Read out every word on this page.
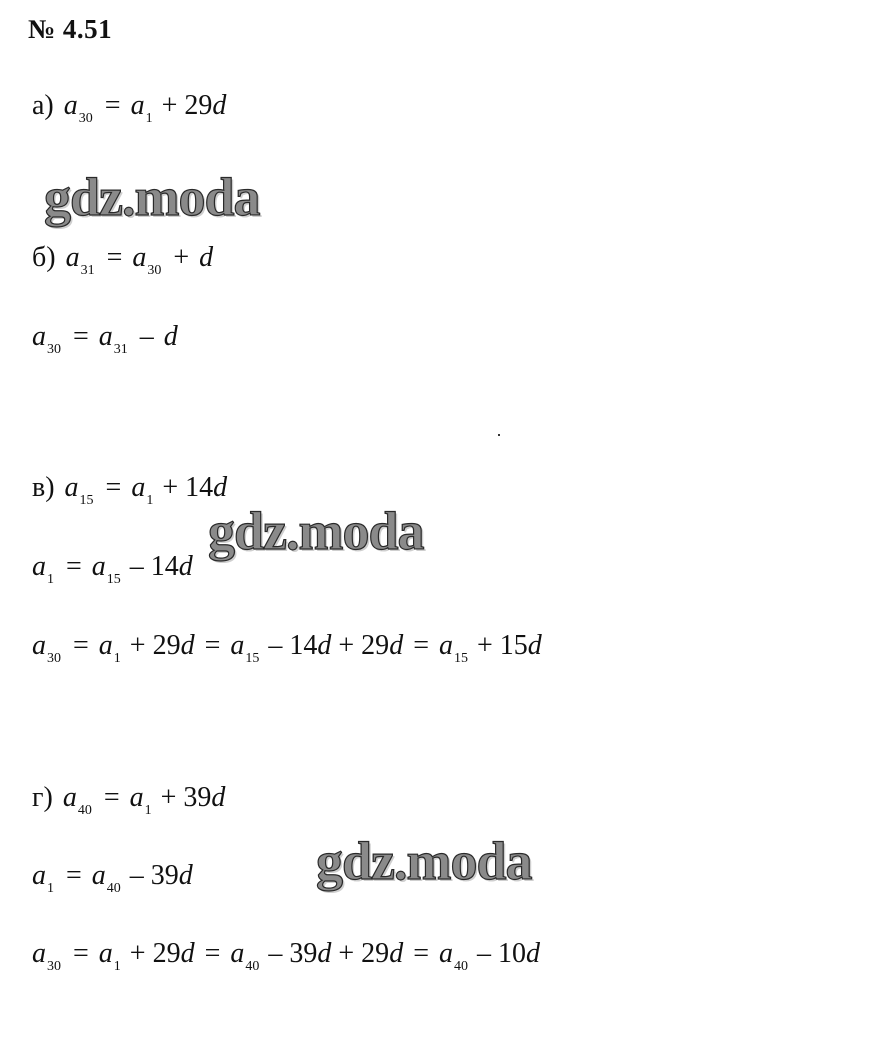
№ 4.51
а) $a_{30} = a_1 + 29d$
gdz.moda
б) $a_{31} = a_{30} + d$
$a_{30} = a_{31} - d$
в) $a_{15} = a_1 + 14d$
gdz.moda
$a_1 = a_{15} - 14d$
$a_{30} = a_1 + 29d = a_{15} - 14d + 29d = a_{15} + 15d$
г) $a_{40} = a_1 + 39d$
$a_1 = a_{40} - 39d$ gdz.moda
$a_{30} = a_1 + 29d = a_{40} - 39d + 29d = a_{40} - 10d$
